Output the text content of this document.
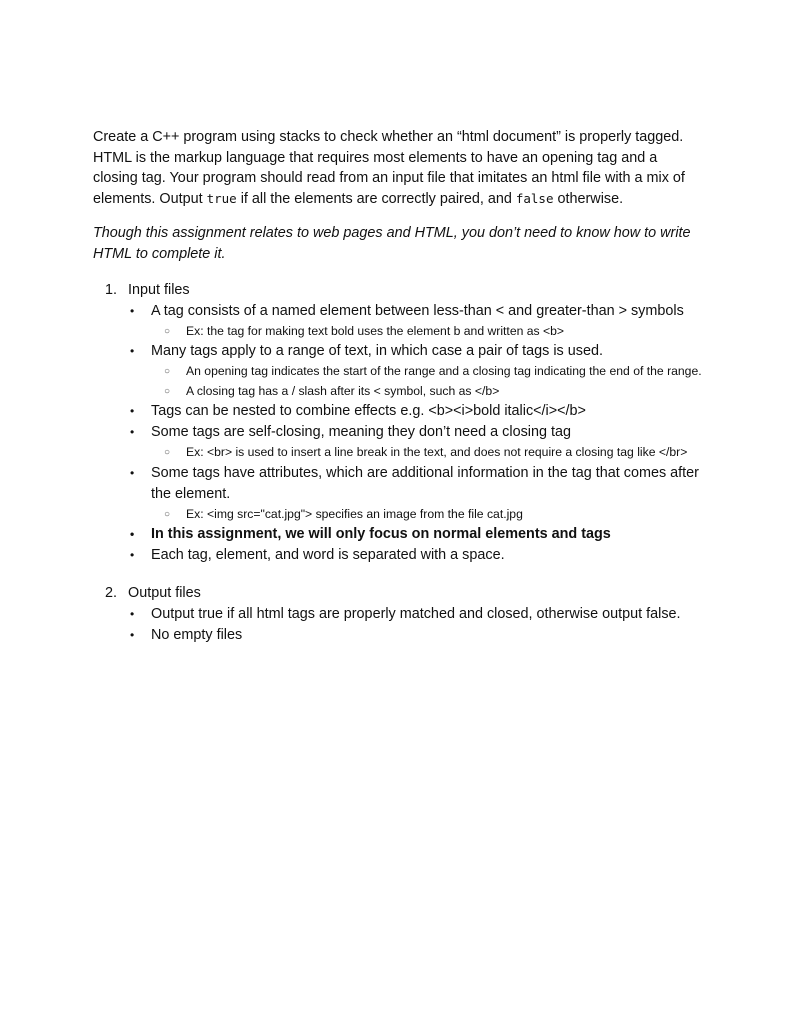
Create a C++ program using stacks to check whether an “html document” is properly tagged. HTML is the markup language that requires most elements to have an opening tag and a closing tag. Your program should read from an input file that imitates an html file with a mix of elements. Output true if all the elements are correctly paired, and false otherwise.

Though this assignment relates to web pages and HTML, you don’t need to know how to write HTML to complete it.

1. Input files
• A tag consists of a named element between less-than < and greater-than > symbols
○ Ex: the tag for making text bold uses the element b and written as <b>
• Many tags apply to a range of text, in which case a pair of tags is used.
○ An opening tag indicates the start of the range and a closing tag indicating the end of the range.
○ A closing tag has a / slash after its < symbol, such as </b>
• Tags can be nested to combine effects e.g. <b><i>bold italic</i></b>
• Some tags are self-closing, meaning they don’t need a closing tag
○ Ex: <br> is used to insert a line break in the text, and does not require a closing tag like </br>
• Some tags have attributes, which are additional information in the tag that comes after the element.
○ Ex: <img src="cat.jpg"> specifies an image from the file cat.jpg
• In this assignment, we will only focus on normal elements and tags
• Each tag, element, and word is separated with a space.
2. Output files
• Output true if all html tags are properly matched and closed, otherwise output false.
• No empty files
